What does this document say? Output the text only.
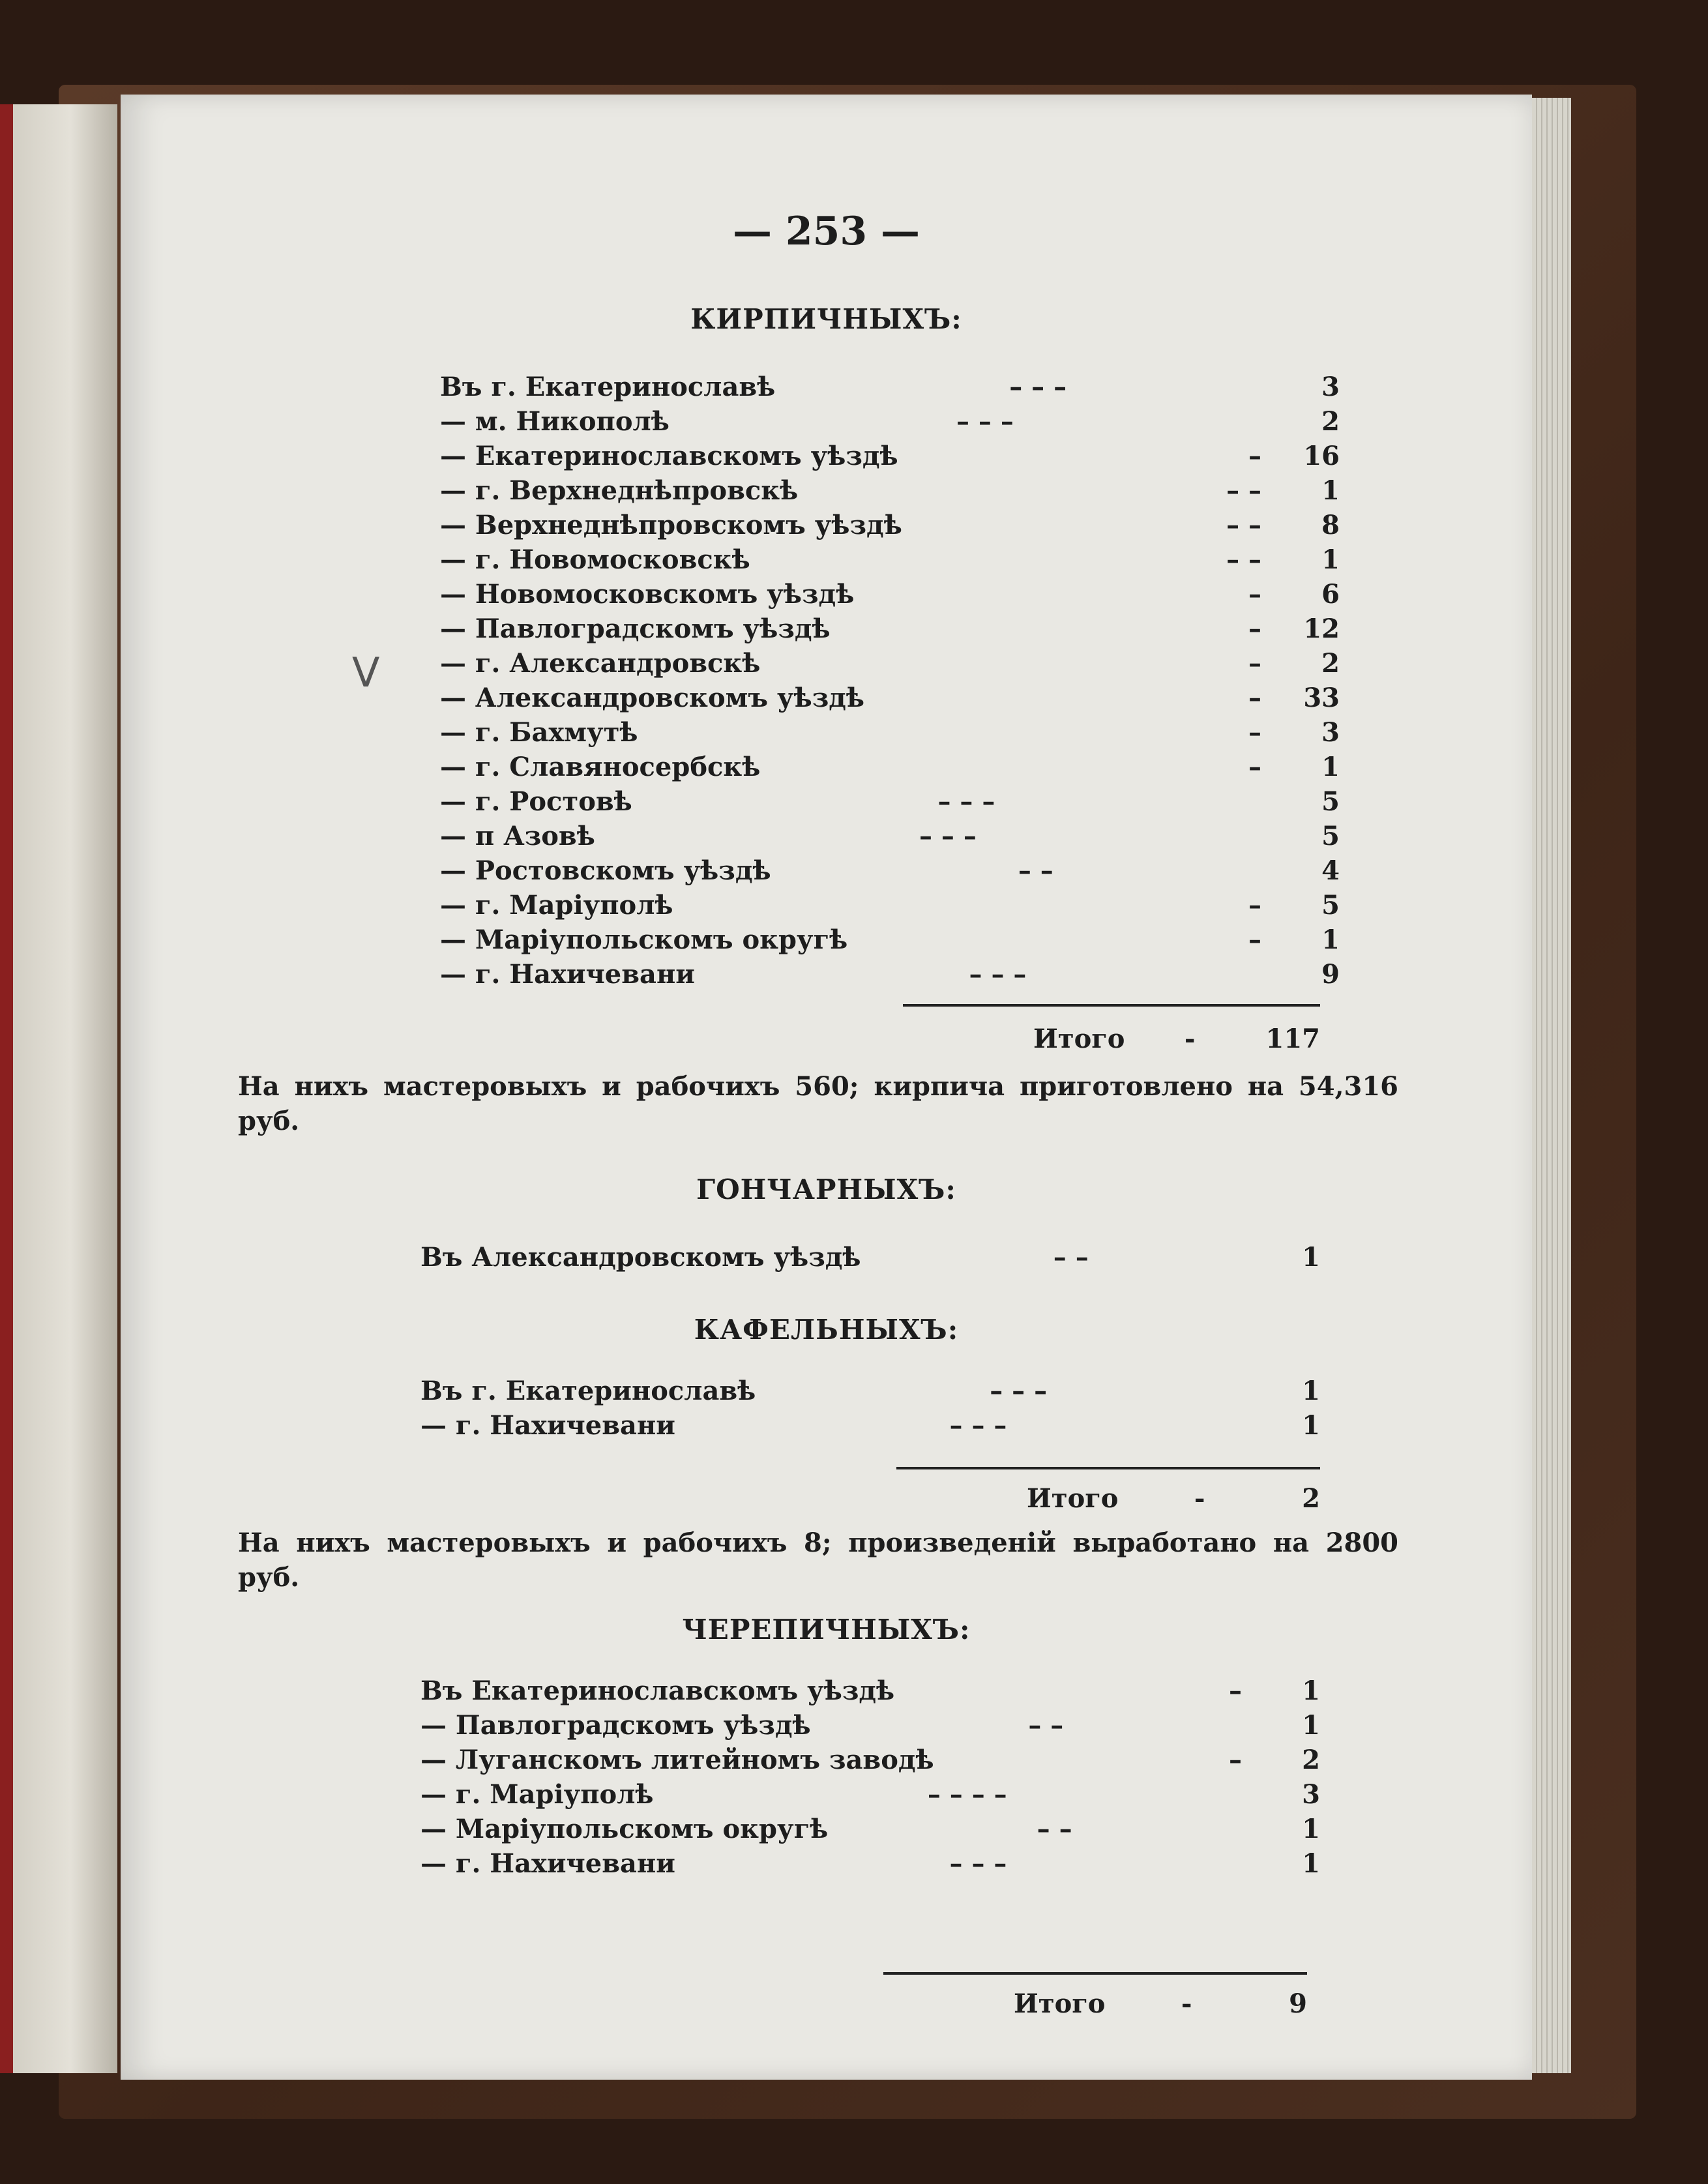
— 253 —
КИРПИЧНЫХЪ:
Въ г. Екатеринославѣ	– – –	3
— м. Никополѣ	– – –	2
— Екатеринославскомъ уѣздѣ	–	16
— г. Верхнеднѣпровскѣ	– –	1
— Верхнеднѣпровскомъ уѣздѣ	– –	8
— г. Новомосковскѣ	– –	1
— Новомосковскомъ уѣздѣ	–	6
— Павлоградскомъ уѣздѣ	–	12
— г. Александровскѣ	–	2
— Александровскомъ уѣздѣ	–	33
— г. Бахмутѣ	–	3
— г. Славяносербскѣ	–	1
— г. Ростовѣ	– – –	5
— п Азовѣ	– – –	5
— Ростовскомъ уѣздѣ	– –	4
— г. Маріуполѣ	–	5
— Маріупольскомъ округѣ	–	1
— г. Нахичевани	– – –	9
Итого	-	117
На нихъ мастеровыхъ и рабочихъ 560; кирпича приготовлено на 54,316 руб.
ГОНЧАРНЫХЪ:
Въ Александровскомъ уѣздѣ	– –	1
КАФЕЛЬНЫХЪ:
Въ г. Екатеринославѣ	– – –	1
— г. Нахичевани	– – –	1
Итого	-	2
На нихъ мастеровыхъ и рабочихъ 8; произведеній выработано на 2800 руб.
ЧЕРЕПИЧНЫХЪ:
Въ Екатеринославскомъ уѣздѣ	–	1
— Павлоградскомъ уѣздѣ	– –	1
— Луганскомъ литейномъ заводѣ	–	2
— г. Маріуполѣ	– – – –	3
— Маріупольскомъ округѣ	– –	1
— г. Нахичевани	– – –	1
Итого	-	9
V
